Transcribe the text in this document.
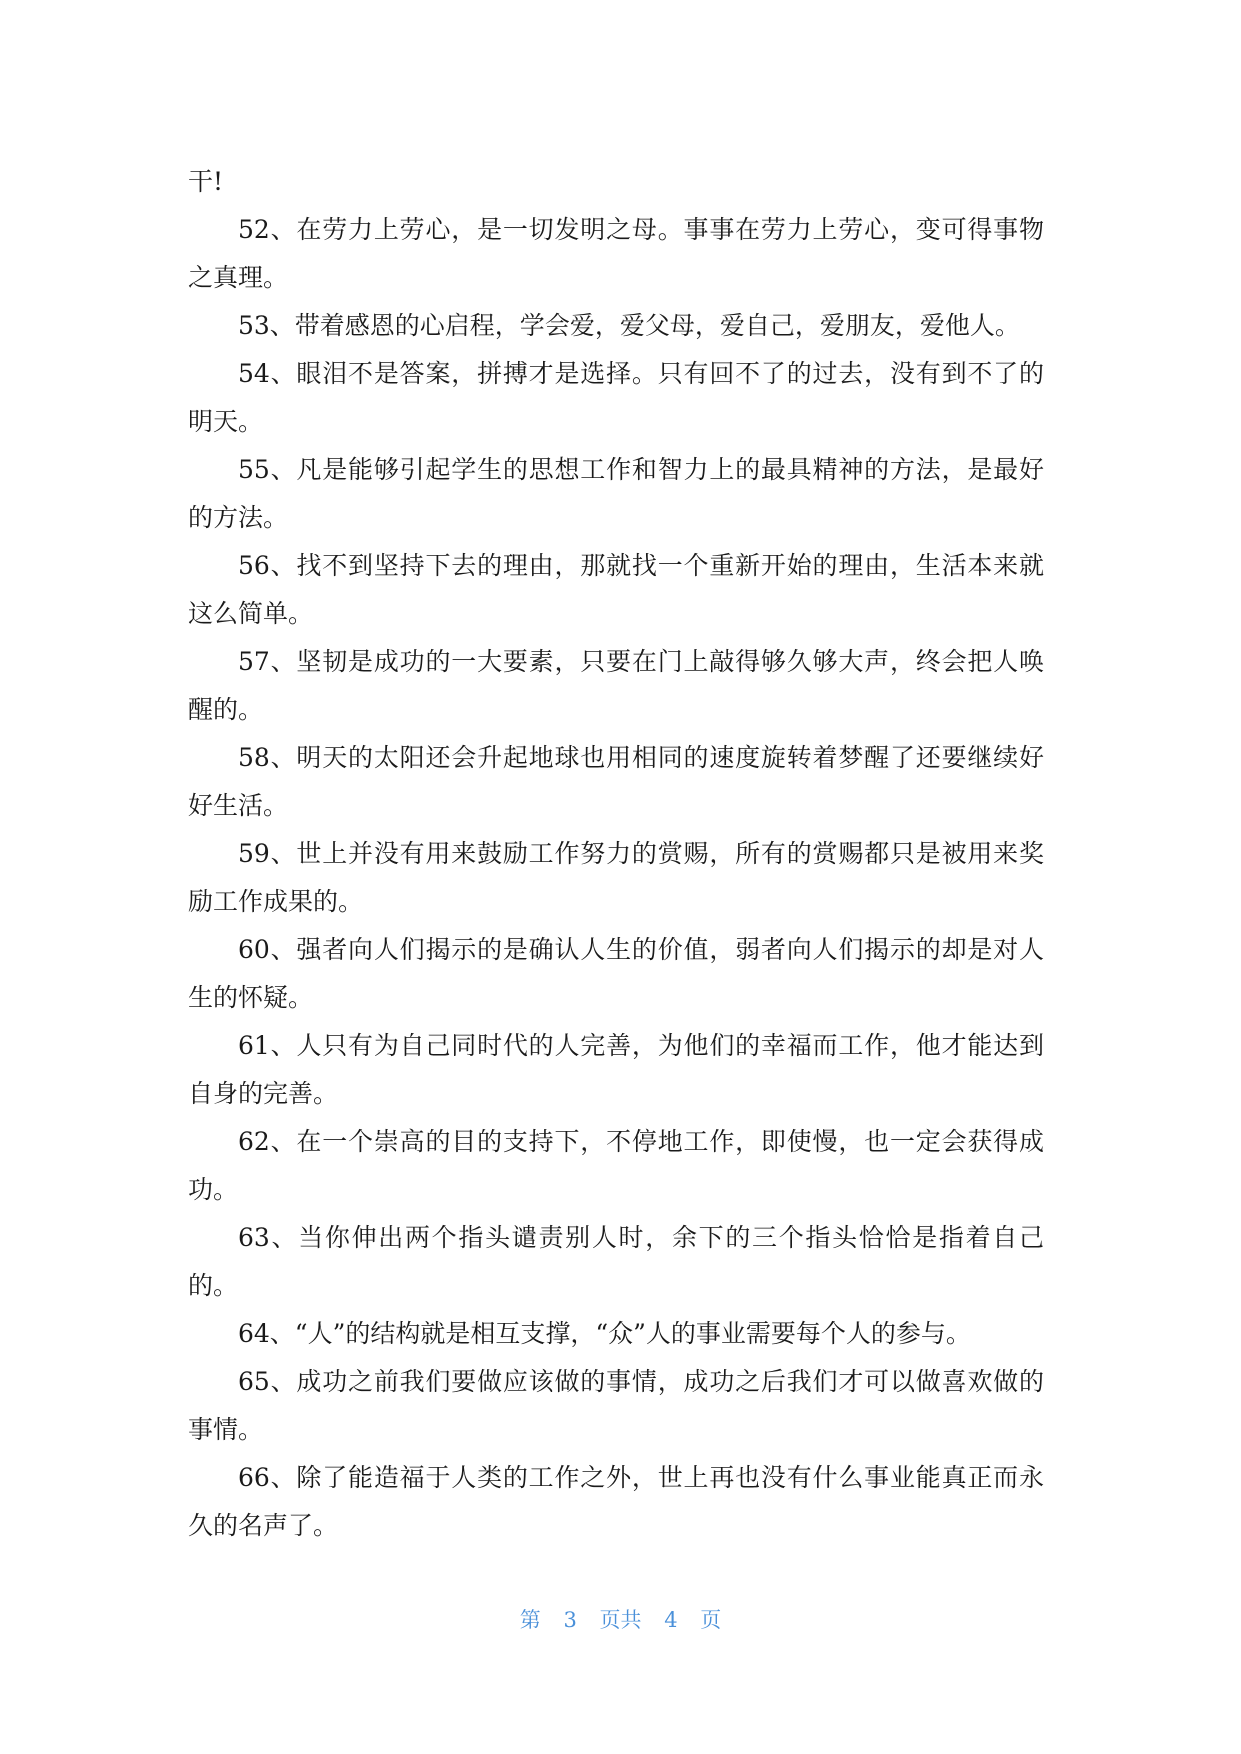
干!

52、在劳力上劳心，是一切发明之母。事事在劳力上劳心，变可得事物之真理。

53、带着感恩的心启程，学会爱，爱父母，爱自己，爱朋友，爱他人。

54、眼泪不是答案，拼搏才是选择。只有回不了的过去，没有到不了的明天。

55、凡是能够引起学生的思想工作和智力上的最具精神的方法，是最好的方法。

56、找不到坚持下去的理由，那就找一个重新开始的理由，生活本来就这么简单。

57、坚韧是成功的一大要素，只要在门上敲得够久够大声，终会把人唤醒的。

58、明天的太阳还会升起地球也用相同的速度旋转着梦醒了还要继续好好生活。

59、世上并没有用来鼓励工作努力的赏赐，所有的赏赐都只是被用来奖励工作成果的。

60、强者向人们揭示的是确认人生的价值，弱者向人们揭示的却是对人生的怀疑。

61、人只有为自己同时代的人完善，为他们的幸福而工作，他才能达到自身的完善。

62、在一个崇高的目的支持下，不停地工作，即使慢，也一定会获得成功。

63、当你伸出两个指头谴责别人时，余下的三个指头恰恰是指着自己的。

64、“人”的结构就是相互支撑，“众”人的事业需要每个人的参与。

65、成功之前我们要做应该做的事情，成功之后我们才可以做喜欢做的事情。

66、除了能造福于人类的工作之外，世上再也没有什么事业能真正而永久的名声了。

第 3 页共 4 页
